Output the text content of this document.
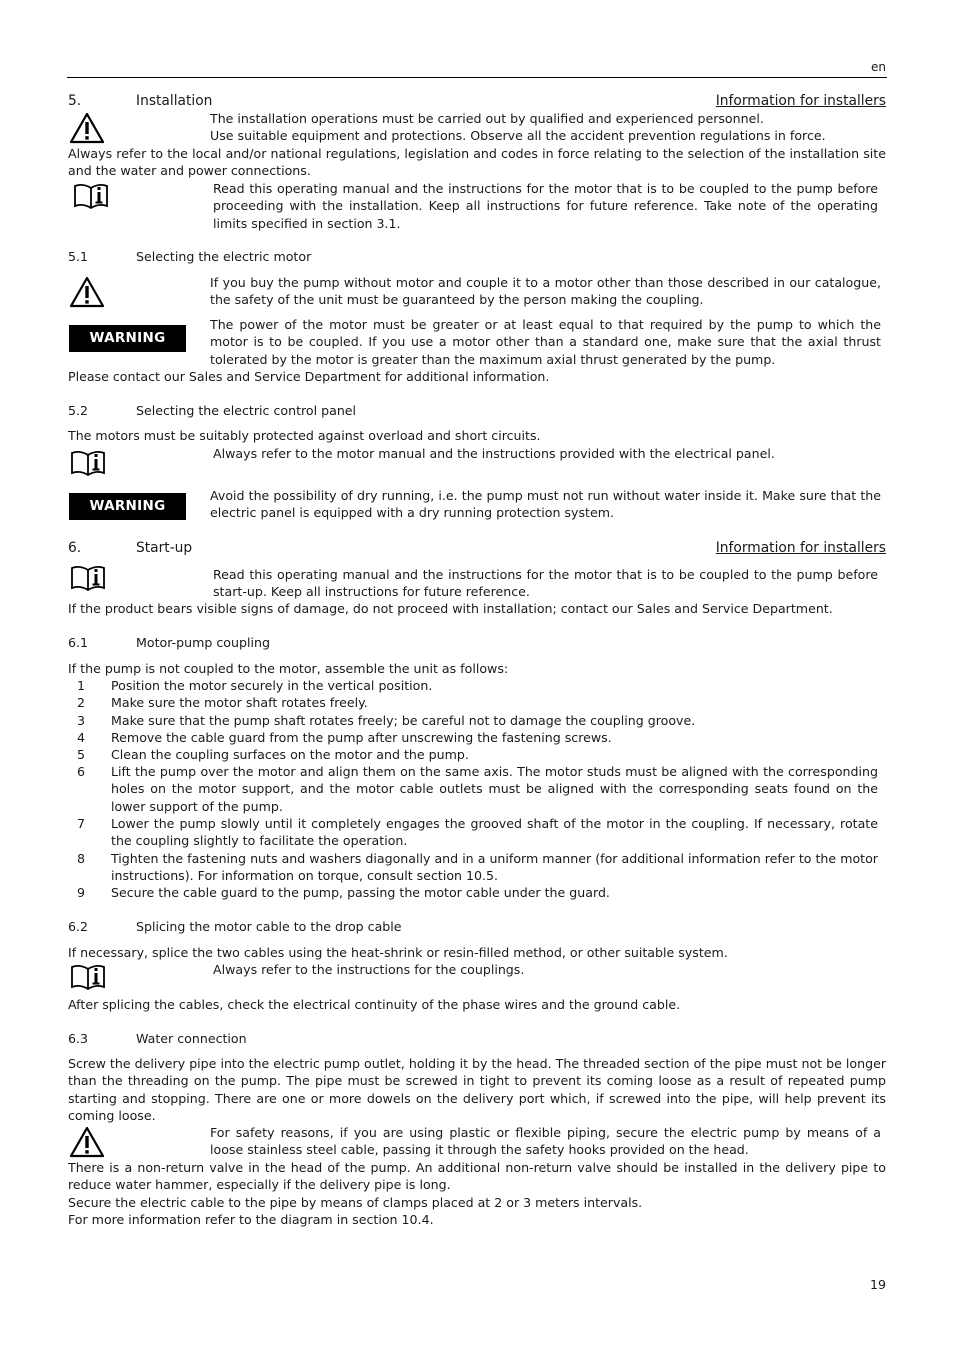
en
5.	Installation	Information for installers
The installation operations must be carried out by qualified and experienced personnel.
Use suitable equipment and protections. Observe all the accident prevention regulations in force.
Always refer to the local and/or national regulations, legislation and codes in force relating to the selection of the installation site and the water and power connections.
Read this operating manual and the instructions for the motor that is to be coupled to the pump before proceeding with the installation. Keep all instructions for future reference. Take note of the operating limits specified in section 3.1.
5.1	Selecting the electric motor
If you buy the pump without motor and couple it to a motor other than those described in our catalogue, the safety of the unit must be guaranteed by the person making the coupling.
WARNING
The power of the motor must be greater or at least equal to that required by the pump to which the motor is to be coupled. If you use a motor other than a standard one, make sure that the axial thrust tolerated by the motor is greater than the maximum axial thrust generated by the pump.
Please contact our Sales and Service Department for additional information.
5.2	Selecting the electric control panel
The motors must be suitably protected against overload and short circuits.
Always refer to the motor manual and the instructions provided with the electrical panel.
WARNING
Avoid the possibility of dry running, i.e. the pump must not run without water inside it. Make sure that the electric panel is equipped with a dry running protection system.
6.	Start-up	Information for installers
Read this operating manual and the instructions for the motor that is to be coupled to the pump before start-up. Keep all instructions for future reference.
If the product bears visible signs of damage, do not proceed with installation; contact our Sales and Service Department.
6.1	Motor-pump coupling
If the pump is not coupled to the motor, assemble the unit as follows:
1 Position the motor securely in the vertical position.
2 Make sure the motor shaft rotates freely.
3 Make sure that the pump shaft rotates freely; be careful not to damage the coupling groove.
4 Remove the cable guard from the pump after unscrewing the fastening screws.
5 Clean the coupling surfaces on the motor and the pump.
6 Lift the pump over the motor and align them on the same axis. The motor studs must be aligned with the corresponding holes on the motor support, and the motor cable outlets must be aligned with the corresponding seats found on the lower support of the pump.
7 Lower the pump slowly until it completely engages the grooved shaft of the motor in the coupling. If necessary, rotate the coupling slightly to facilitate the operation.
8 Tighten the fastening nuts and washers diagonally and in a uniform manner (for additional information refer to the motor instructions). For information on torque, consult section 10.5.
9 Secure the cable guard to the pump, passing the motor cable under the guard.
6.2	Splicing the motor cable to the drop cable
If necessary, splice the two cables using the heat-shrink or resin-filled method, or other suitable system.
Always refer to the instructions for the couplings.
After splicing the cables, check the electrical continuity of the phase wires and the ground cable.
6.3	Water connection
Screw the delivery pipe into the electric pump outlet, holding it by the head. The threaded section of the pipe must not be longer than the threading on the pump. The pipe must be screwed in tight to prevent its coming loose as a result of repeated pump starting and stopping. There are one or more dowels on the delivery port which, if screwed into the pipe, will help prevent its coming loose.
For safety reasons, if you are using plastic or flexible piping, secure the electric pump by means of a loose stainless steel cable, passing it through the safety hooks provided on the head.
There is a non-return valve in the head of the pump. An additional non-return valve should be installed in the delivery pipe to reduce water hammer, especially if the delivery pipe is long.
Secure the electric cable to the pipe by means of clamps placed at 2 or 3 meters intervals.
For more information refer to the diagram in section 10.4.
19
